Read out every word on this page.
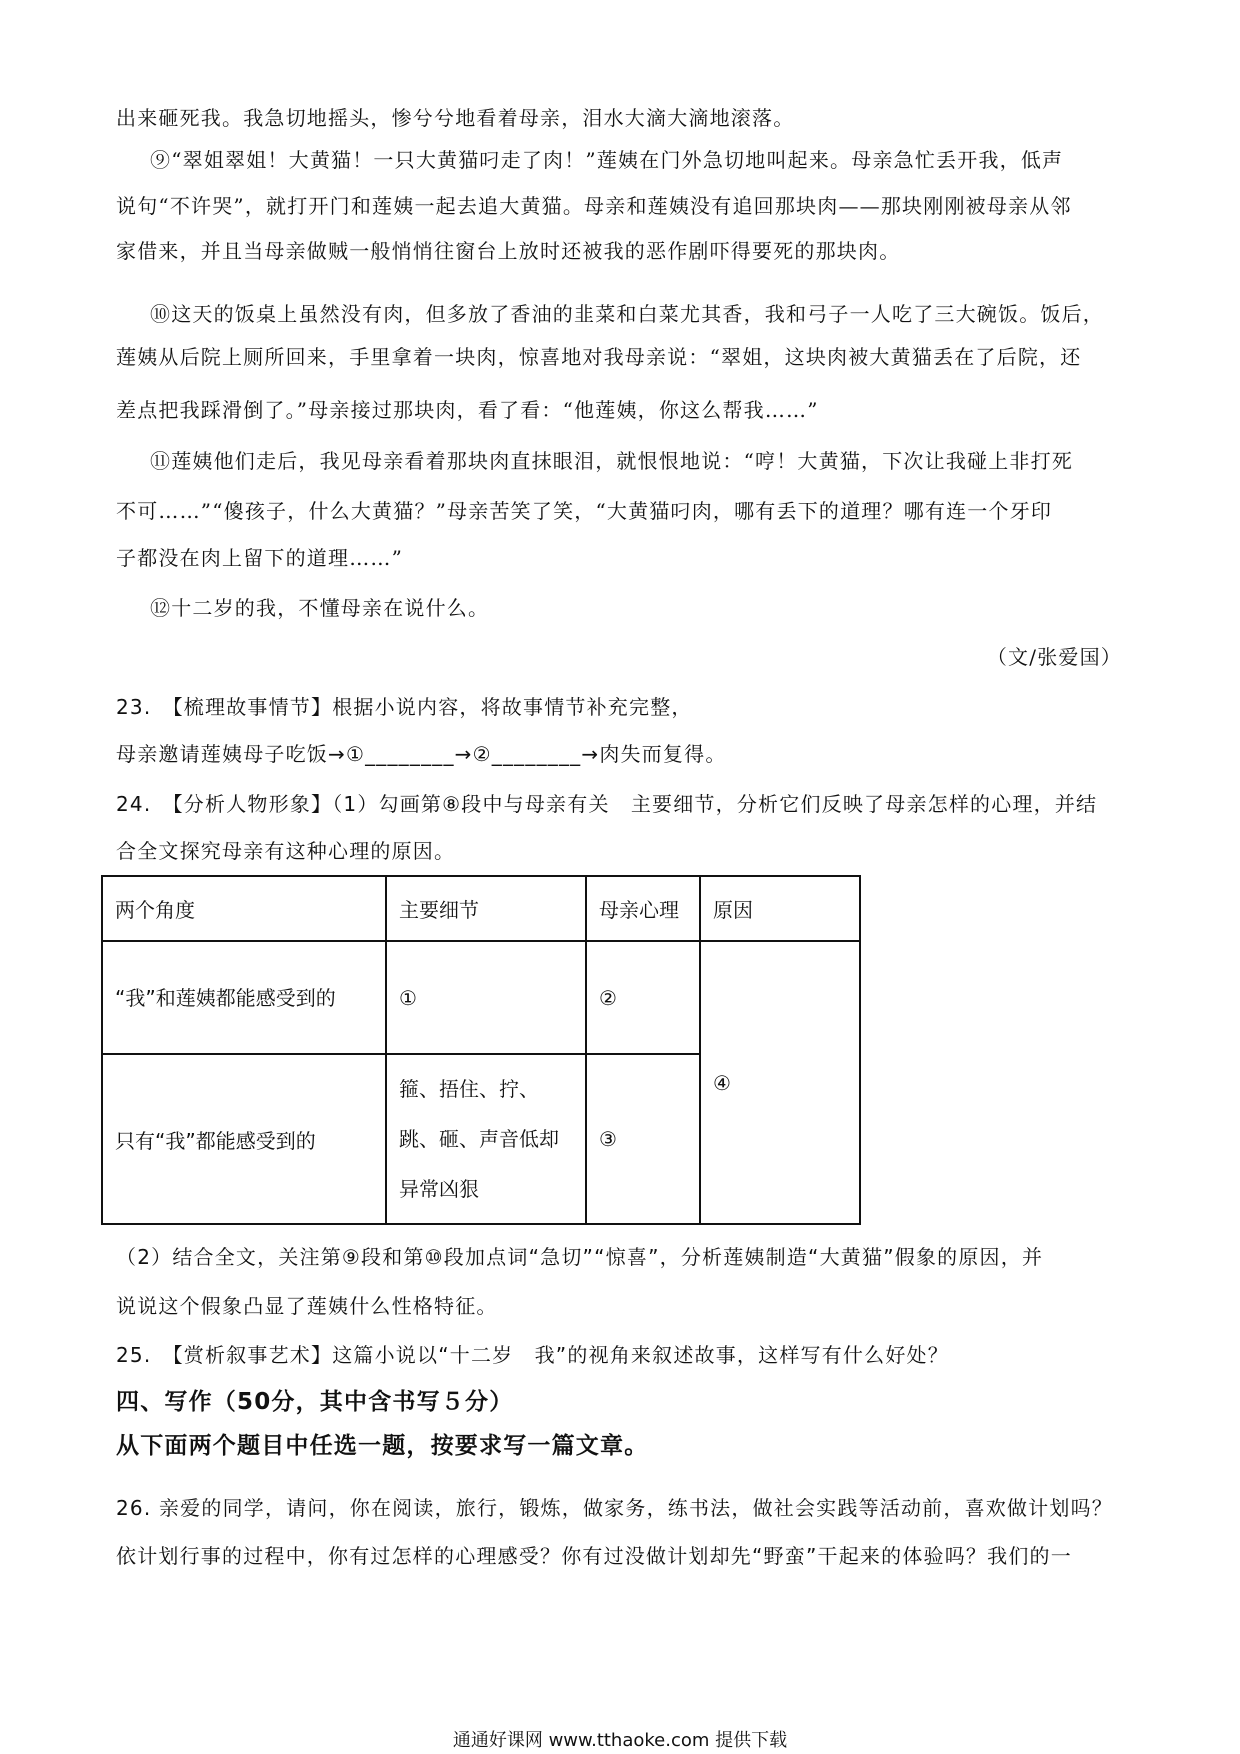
出来砸死我。我急切地摇头，惨兮兮地看着母亲，泪水大滴大滴地滚落。
⑨“翠姐翠姐！大黄猫！一只大黄猫叼走了肉！”莲姨在门外急切地叫起来。母亲急忙丢开我，低声
说句“不许哭”，就打开门和莲姨一起去追大黄猫。母亲和莲姨没有追回那块肉——那块刚刚被母亲从邻
家借来，并且当母亲做贼一般悄悄往窗台上放时还被我的恶作剧吓得要死的那块肉。
⑩这天的饭桌上虽然没有肉，但多放了香油的韭菜和白菜尤其香，我和弓子一人吃了三大碗饭。饭后，
莲姨从后院上厕所回来，手里拿着一块肉，惊喜地对我母亲说：“翠姐，这块肉被大黄猫丢在了后院，还
差点把我踩滑倒了。”母亲接过那块肉，看了看：“他莲姨，你这么帮我……”
⑪莲姨他们走后，我见母亲看着那块肉直抹眼泪，就恨恨地说：“哼！大黄猫，下次让我碰上非打死
不可……”“傻孩子，什么大黄猫？”母亲苦笑了笑，“大黄猫叼肉，哪有丢下的道理？哪有连一个牙印
子都没在肉上留下的道理……”
⑫十二岁的我，不懂母亲在说什么。
（文/张爱国）
23.　【梳理故事情节】根据小说内容，将故事情节补充完整，
母亲邀请莲姨母子吃饭→①________→②________→肉失而复得。
24.　【分析人物形象】（1）勾画第⑧段中与母亲有关　主要细节，分析它们反映了母亲怎样的心理，并结
合全文探究母亲有这种心理的原因。
两个角度	主要细节	母亲心理	原因
“我”和莲姨都能感受到的	①	②	④
只有“我”都能感受到的	箍、捂住、拧、跳、砸、声音低却异常凶狠	③	
（2）结合全文，关注第⑨段和第⑩段加点词“急切”“惊喜”，分析莲姨制造“大黄猫”假象的原因，并
说说这个假象凸显了莲姨什么性格特征。
25.　【赏析叙事艺术】这篇小说以“十二岁　我”的视角来叙述故事，这样写有什么好处？
四、写作（50分，其中含书写５分）
从下面两个题目中任选一题，按要求写一篇文章。
26. 亲爱的同学，请问，你在阅读，旅行，锻炼，做家务，练书法，做社会实践等活动前，喜欢做计划吗？
依计划行事的过程中，你有过怎样的心理感受？你有过没做计划却先“野蛮”干起来的体验吗？我们的一
通通好课网 www.tthaoke.com 提供下载
